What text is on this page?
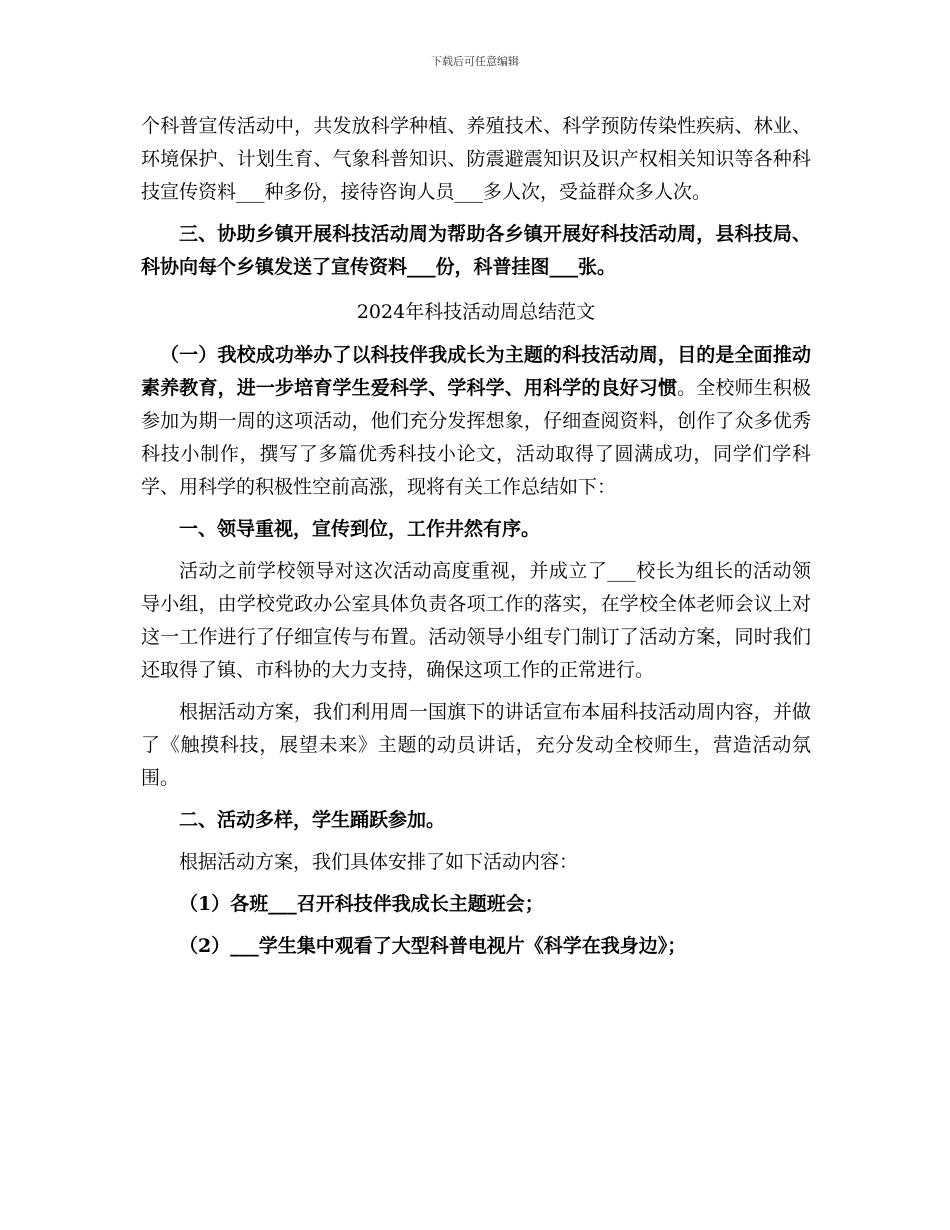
下载后可任意编辑

个科普宣传活动中，共发放科学种植、养殖技术、科学预防传染性疾病、林业、环境保护、计划生育、气象科普知识、防震避震知识及识产权相关知识等各种科技宣传资料___种多份，接待咨询人员___多人次，受益群众多人次。

三、协助乡镇开展科技活动周为帮助各乡镇开展好科技活动周，县科技局、科协向每个乡镇发送了宣传资料___份，科普挂图___张。

2024年科技活动周总结范文

（一）我校成功举办了以科技伴我成长为主题的科技活动周，目的是全面推动素养教育，进一步培育学生爱科学、学科学、用科学的良好习惯。全校师生积极参加为期一周的这项活动，他们充分发挥想象，仔细查阅资料，创作了众多优秀科技小制作，撰写了多篇优秀科技小论文，活动取得了圆满成功，同学们学科学、用科学的积极性空前高涨，现将有关工作总结如下：

一、领导重视，宣传到位，工作井然有序。

活动之前学校领导对这次活动高度重视，并成立了___校长为组长的活动领导小组，由学校党政办公室具体负责各项工作的落实，在学校全体老师会议上对这一工作进行了仔细宣传与布置。活动领导小组专门制订了活动方案，同时我们还取得了镇、市科协的大力支持，确保这项工作的正常进行。

根据活动方案，我们利用周一国旗下的讲话宣布本届科技活动周内容，并做了《触摸科技，展望未来》主题的动员讲话，充分发动全校师生，营造活动氛围。

二、活动多样，学生踊跃参加。

根据活动方案，我们具体安排了如下活动内容：

（1）各班___召开科技伴我成长主题班会；

（2）___学生集中观看了大型科普电视片《科学在我身边》；
